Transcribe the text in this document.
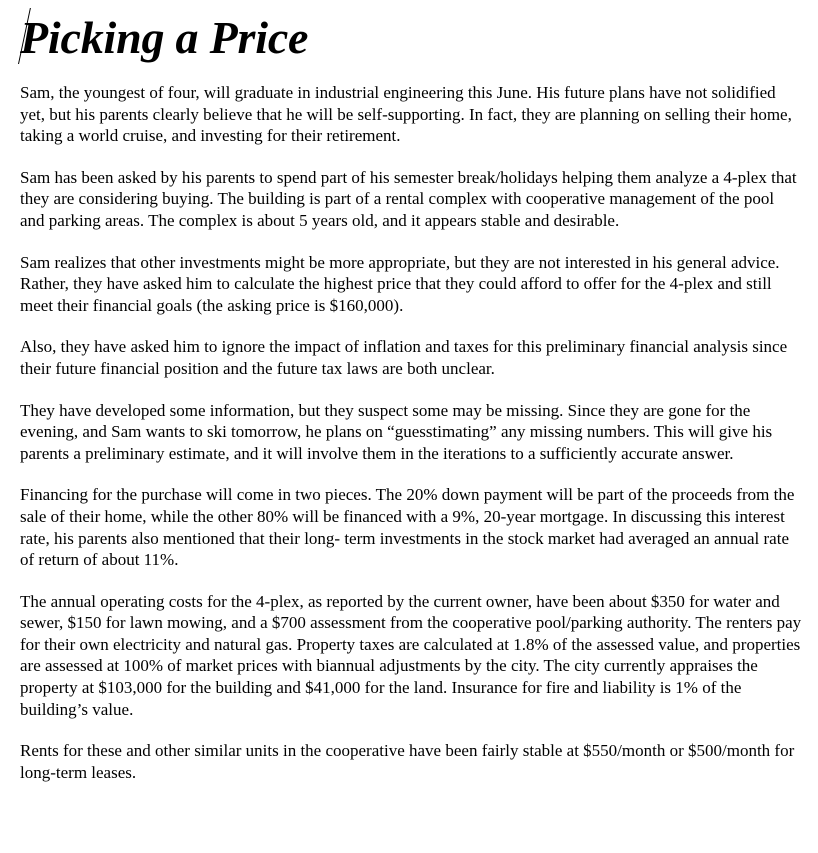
Picking a Price

Sam, the youngest of four, will graduate in industrial engineering this June. His future plans have not solidified yet, but his parents clearly believe that he will be self-supporting. In fact, they are planning on selling their home, taking a world cruise, and investing for their retirement.

Sam has been asked by his parents to spend part of his semester break/holidays helping them analyze a 4-plex that they are considering buying. The building is part of a rental complex with cooperative management of the pool and parking areas. The complex is about 5 years old, and it appears stable and desirable.

Sam realizes that other investments might be more appropriate, but they are not interested in his general advice. Rather, they have asked him to calculate the highest price that they could afford to offer for the 4-plex and still meet their financial goals (the asking price is $160,000).

Also, they have asked him to ignore the impact of inflation and taxes for this preliminary financial analysis since their future financial position and the future tax laws are both unclear.

They have developed some information, but they suspect some may be missing. Since they are gone for the evening, and Sam wants to ski tomorrow, he plans on “guesstimating” any missing numbers. This will give his parents a preliminary estimate, and it will involve them in the iterations to a sufficiently accurate answer.

Financing for the purchase will come in two pieces. The 20% down payment will be part of the proceeds from the sale of their home, while the other 80% will be financed with a 9%, 20-year mortgage. In discussing this interest rate, his parents also mentioned that their long- term investments in the stock market had averaged an annual rate of return of about 11%.

The annual operating costs for the 4-plex, as reported by the current owner, have been about $350 for water and sewer, $150 for lawn mowing, and a $700 assessment from the cooperative pool/parking authority. The renters pay for their own electricity and natural gas. Property taxes are calculated at 1.8% of the assessed value, and properties are assessed at 100% of market prices with biannual adjustments by the city. The city currently appraises the property at $103,000 for the building and $41,000 for the land. Insurance for fire and liability is 1% of the building’s value.

Rents for these and other similar units in the cooperative have been fairly stable at $550/month or $500/month for long-term leases.
